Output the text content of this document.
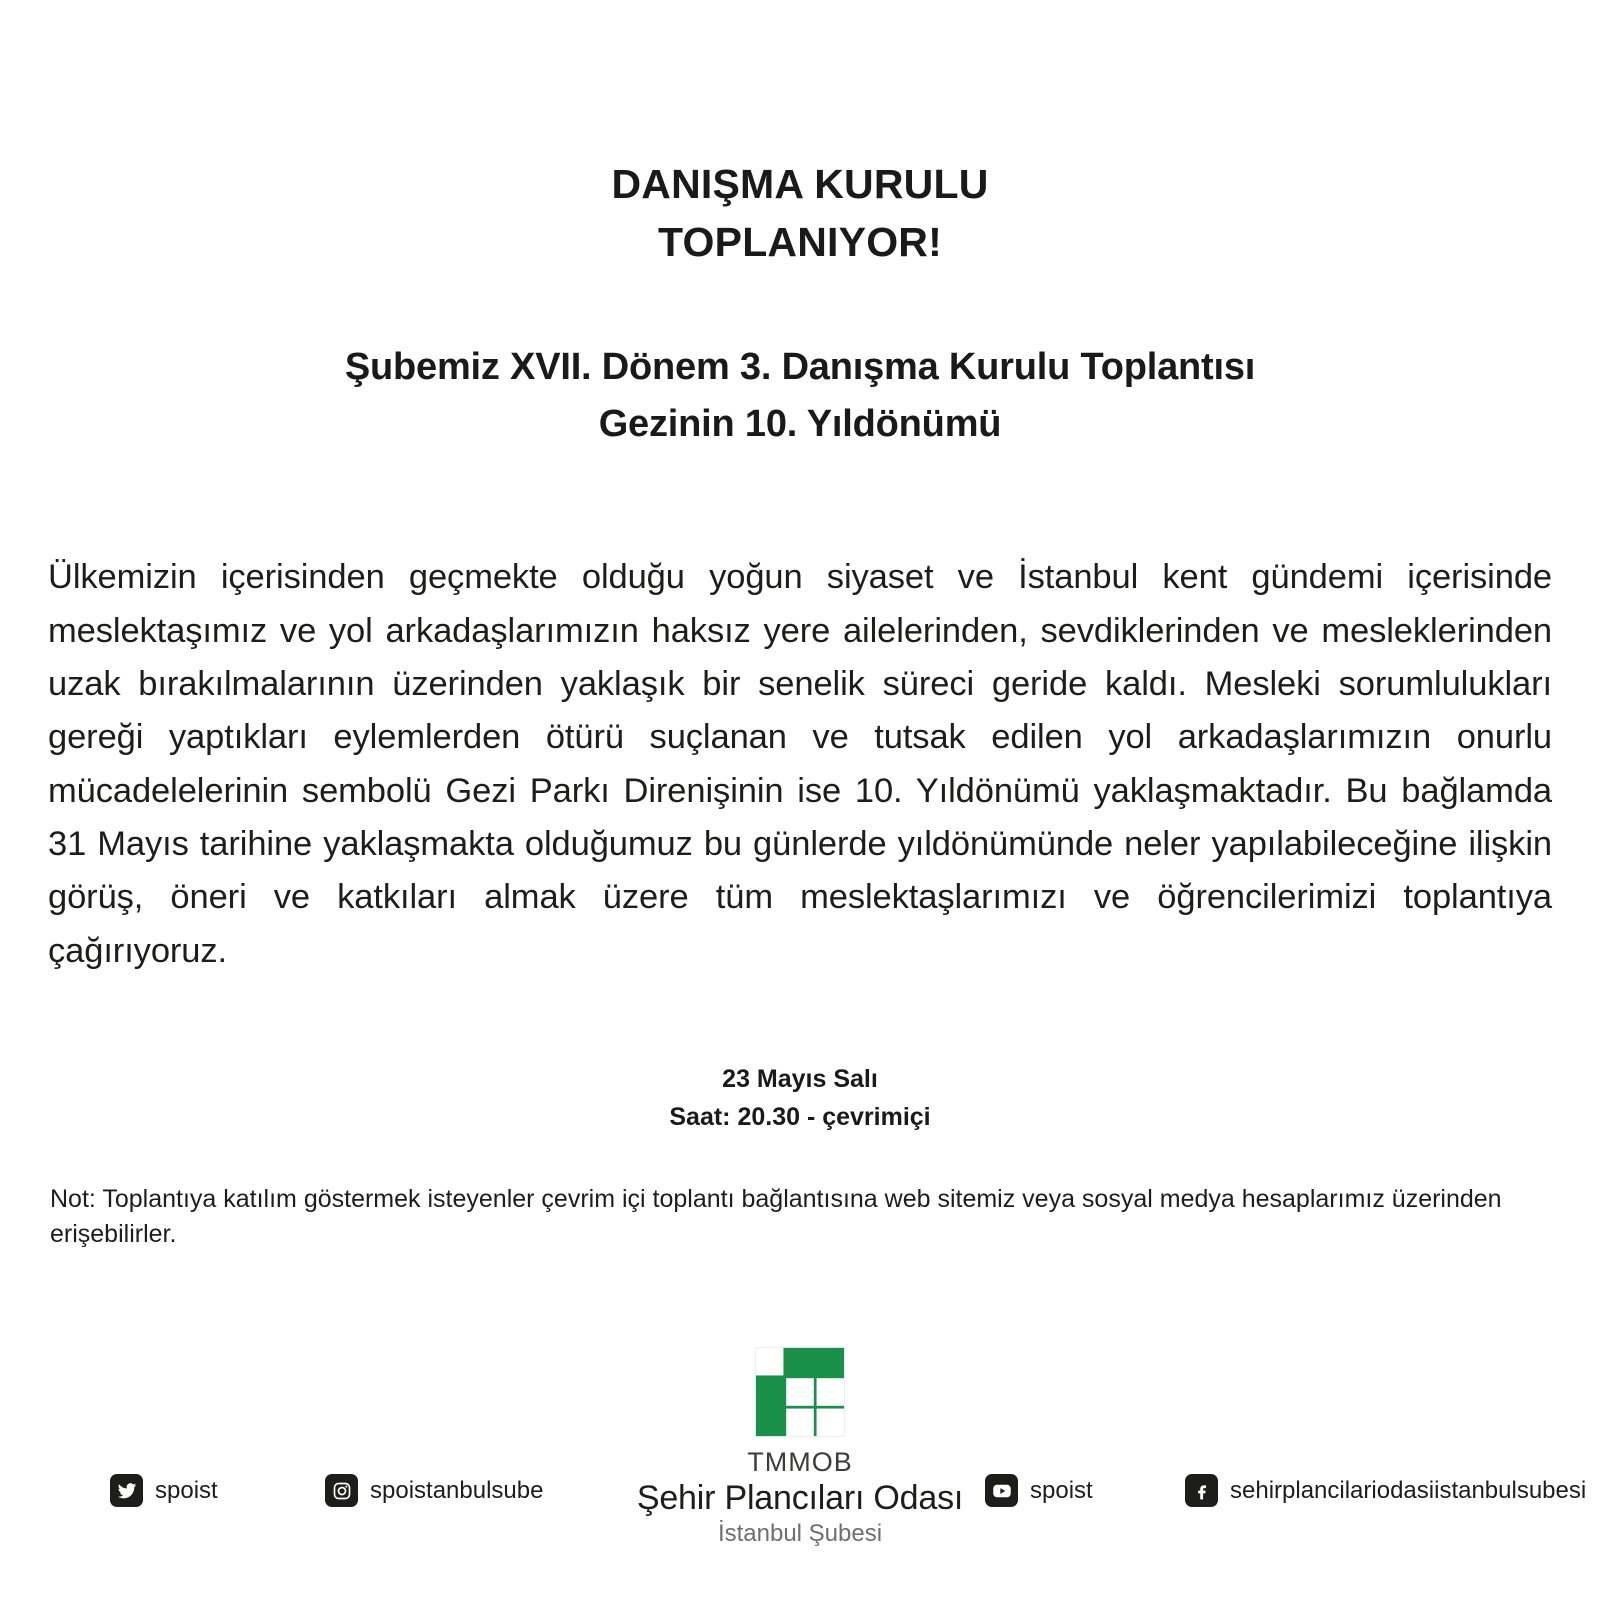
DANIŞMA KURULU
TOPLANIYOR!
Şubemiz XVII. Dönem 3. Danışma Kurulu Toplantısı
Gezinin 10. Yıldönümü

Ülkemizin içerisinden geçmekte olduğu yoğun siyaset ve İstanbul kent gündemi içerisinde meslektaşımız ve yol arkadaşlarımızın haksız yere ailelerinden, sevdiklerinden ve mesleklerinden uzak bırakılmalarının üzerinden yaklaşık bir senelik süreci geride kaldı. Mesleki sorumlulukları gereği yaptıkları eylemlerden ötürü suçlanan ve tutsak edilen yol arkadaşlarımızın onurlu mücadelelerinin sembolü Gezi Parkı Direnişinin ise 10. Yıldönümü yaklaşmaktadır. Bu bağlamda 31 Mayıs tarihine yaklaşmakta olduğumuz bu günlerde yıldönümünde neler yapılabileceğine ilişkin görüş, öneri ve katkıları almak üzere tüm meslektaşlarımızı ve öğrencilerimizi toplantıya çağırıyoruz.

23 Mayıs Salı
Saat: 20.30 - çevrimiçi

Not: Toplantıya katılım göstermek isteyenler çevrim içi toplantı bağlantısına web sitemiz veya sosyal medya hesaplarımız üzerinden erişebilirler.

TMMOB
Şehir Plancıları Odası
İstanbul Şubesi
spoist	spoistanbulsube	spoist	sehirplancilariodasiistanbulsubesi
